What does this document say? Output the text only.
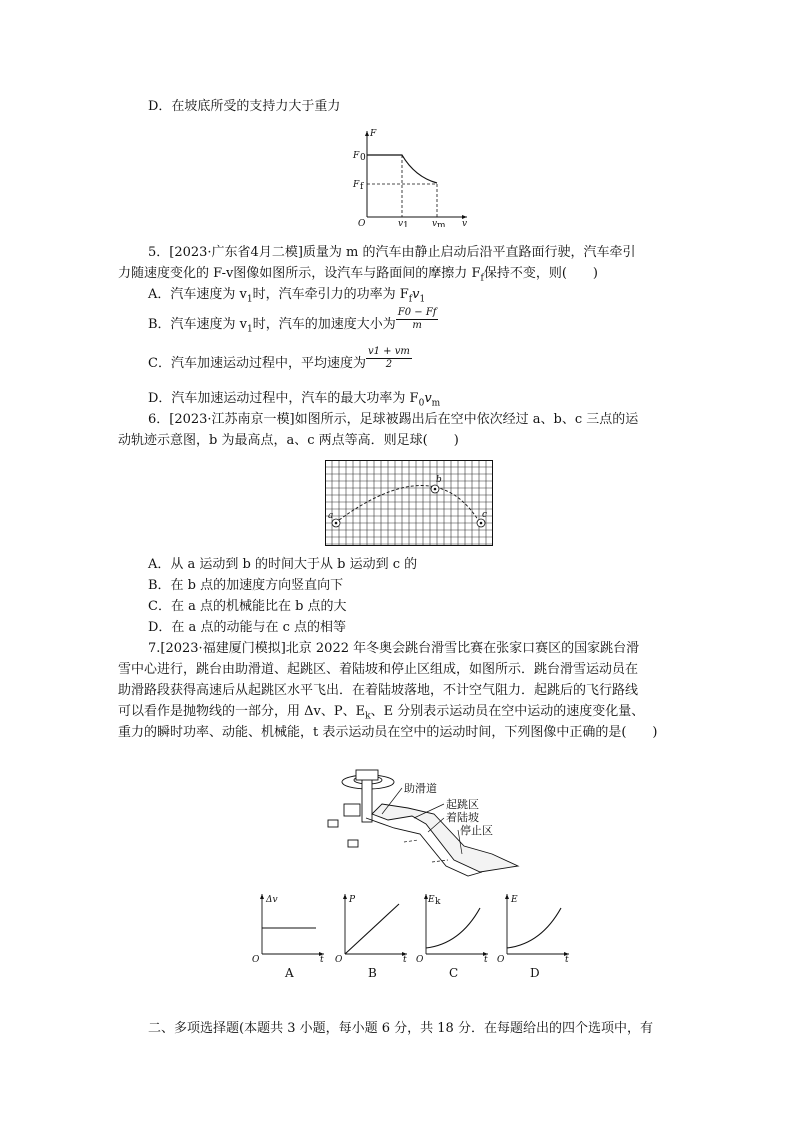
D．在坡底所受的支持力大于重力
F
v
O
F 0
F f
v 1	v m
5．[2023·广东省4月二模]质量为 m 的汽车由静止启动后沿平直路面行驶，汽车牵引
力随速度变化的 F-v图像如图所示，设汽车与路面间的摩擦力 $F_f$保持不变，则(　　)
A．汽车速度为 $v_1$时，汽车牵引力的功率为 $F_fv_1$
B．汽车速度为 $v_1$时，汽车的加速度大小为 $\frac{F0 - Ff}{m}$
C．汽车加速运动过程中，平均速度为 $\frac{v1 + vm}{2}$
D．汽车加速运动过程中，汽车的最大功率为 $F_0v_m$
6．[2023·江苏南京一模]如图所示，足球被踢出后在空中依次经过 a、b、c 三点的运
动轨迹示意图，b 为最高点，a、c 两点等高．则足球(　　)
a
b
c
A．从 a 运动到 b 的时间大于从 b 运动到 c 的
B．在 b 点的加速度方向竖直向下
C．在 a 点的机械能比在 b 点的大
D．在 a 点的动能与在 c 点的相等
7.[2023·福建厦门模拟]北京 2022 年冬奥会跳台滑雪比赛在张家口赛区的国家跳台滑
雪中心进行，跳台由助滑道、起跳区、着陆坡和停止区组成，如图所示．跳台滑雪运动员在
助滑路段获得高速后从起跳区水平飞出．在着陆坡落地，不计空气阻力．起跳后的飞行路线
可以看作是抛物线的一部分，用 Δv、P、$E_k$、E 分别表示运动员在空中运动的速度变化量、
重力的瞬时功率、动能、机械能，t 表示运动员在空中的运动时间，下列图像中正确的是(　　)
助滑道
起跳区
着陆坡
停止区
Δv
t
O
A
P
t
O
B
E k
t
O
C
E
t
O
D
二、多项选择题(本题共 3 小题，每小题 6 分，共 18 分．在每题给出的四个选项中，有
